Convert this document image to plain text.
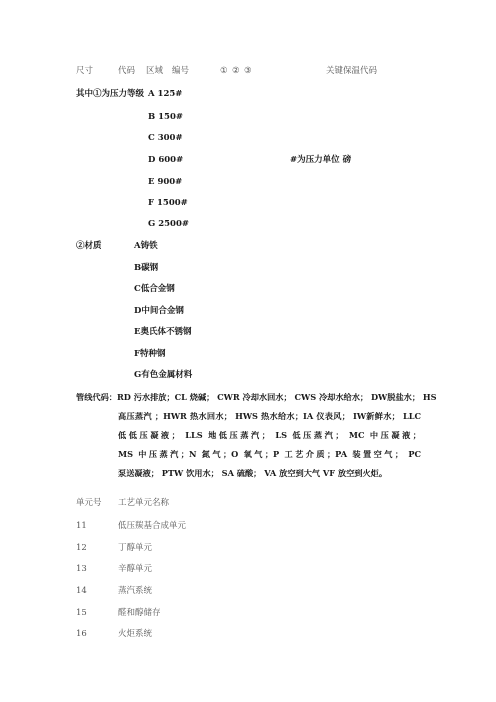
尺寸	代码 区域 编号	① ② ③	关键保温代码
其中①为压力等级 A 125#
B 150#
C 300#
D 600#	#为压力单位 磅
E 900#
F 1500#
G 2500#
②材质	A铸铁
B碳钢
C低合金钢
D中间合金钢
E奥氏体不锈钢
F特种钢
G有色金属材料
管线代码：RD 污水排放；CL 烧碱； CWR 冷却水回水； CWS 冷却水给水； DW脱盐水； HS
高压蒸汽 ；HWR 热水回水； HWS 热水给水；IA 仪表风； IW新鲜水； LLC
低低压凝液； LLS 地低压蒸汽； LS 低压蒸汽； MC 中压凝液；
MS 中压蒸汽；N 氮气；O 氧气；P 工艺介质；PA 装置空气； PC
泵送凝液； PTW 饮用水； SA 硫酸； VA 放空到大气 VF 放空到火炬。
单元号 工艺单元名称
11	低压羰基合成单元
12	丁醇单元
13	辛醇单元
14	蒸汽系统
15	醛和醇储存
16	火炬系统
